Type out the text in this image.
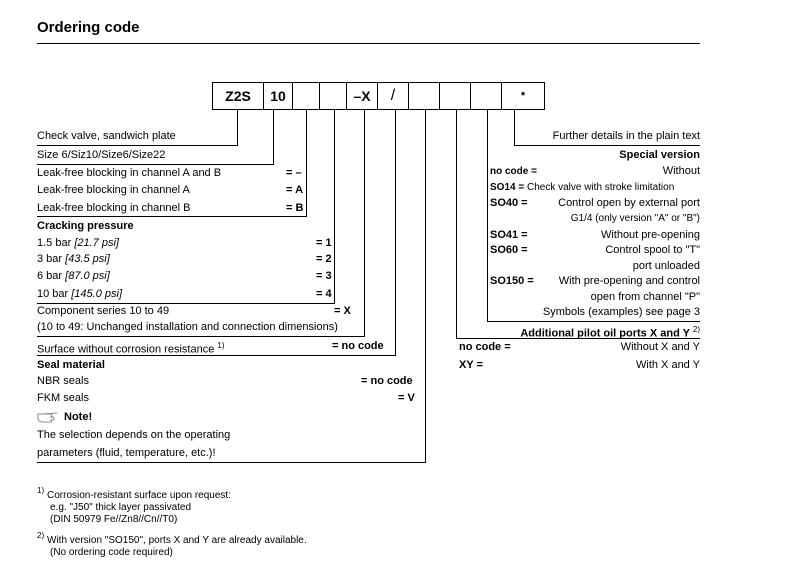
Ordering code
Z2S	10	–X	/	*
Check valve, sandwich plate
Size 6/Siz10/Size6/Size22
Leak-free blocking in channel A and B	= –
Leak-free blocking in channel A	= A
Leak-free blocking in channel B	= B
Cracking pressure
1.5 bar [21.7 psi]	= 1
3 bar [43.5 psi]	= 2
6 bar [87.0 psi]	= 3
10 bar [145.0 psi]	= 4
Component series 10 to 49	= X
(10 to 49: Unchanged installation and connection dimensions)
Surface without corrosion resistance $^{1)}$	= no code
Seal material
NBR seals	= no code
FKM seals	= V
Note!
The selection depends on the operating
parameters (fluid, temperature, etc.)!
Further details in the plain text
Special version
no code =	Without
SO14 = Check valve with stroke limitation
SO40 =	Control open by external port
G1/4 (only version "A" or "B")
SO41 =	Without pre-opening
SO60 =	Control spool to "T"
port unloaded
SO150 = With pre-opening and control
open from channel "P"
Symbols (examples) see page 3
Additional pilot oil ports X and Y $^{2)}$
no code =	Without X and Y
XY =	With X and Y
1) Corrosion-resistant surface upon request:
e.g. "J50" thick layer passivated
(DIN 50979 Fe//Zn8//Cn//T0)
2) With version "SO150", ports X and Y are already available.
(No ordering code required)
